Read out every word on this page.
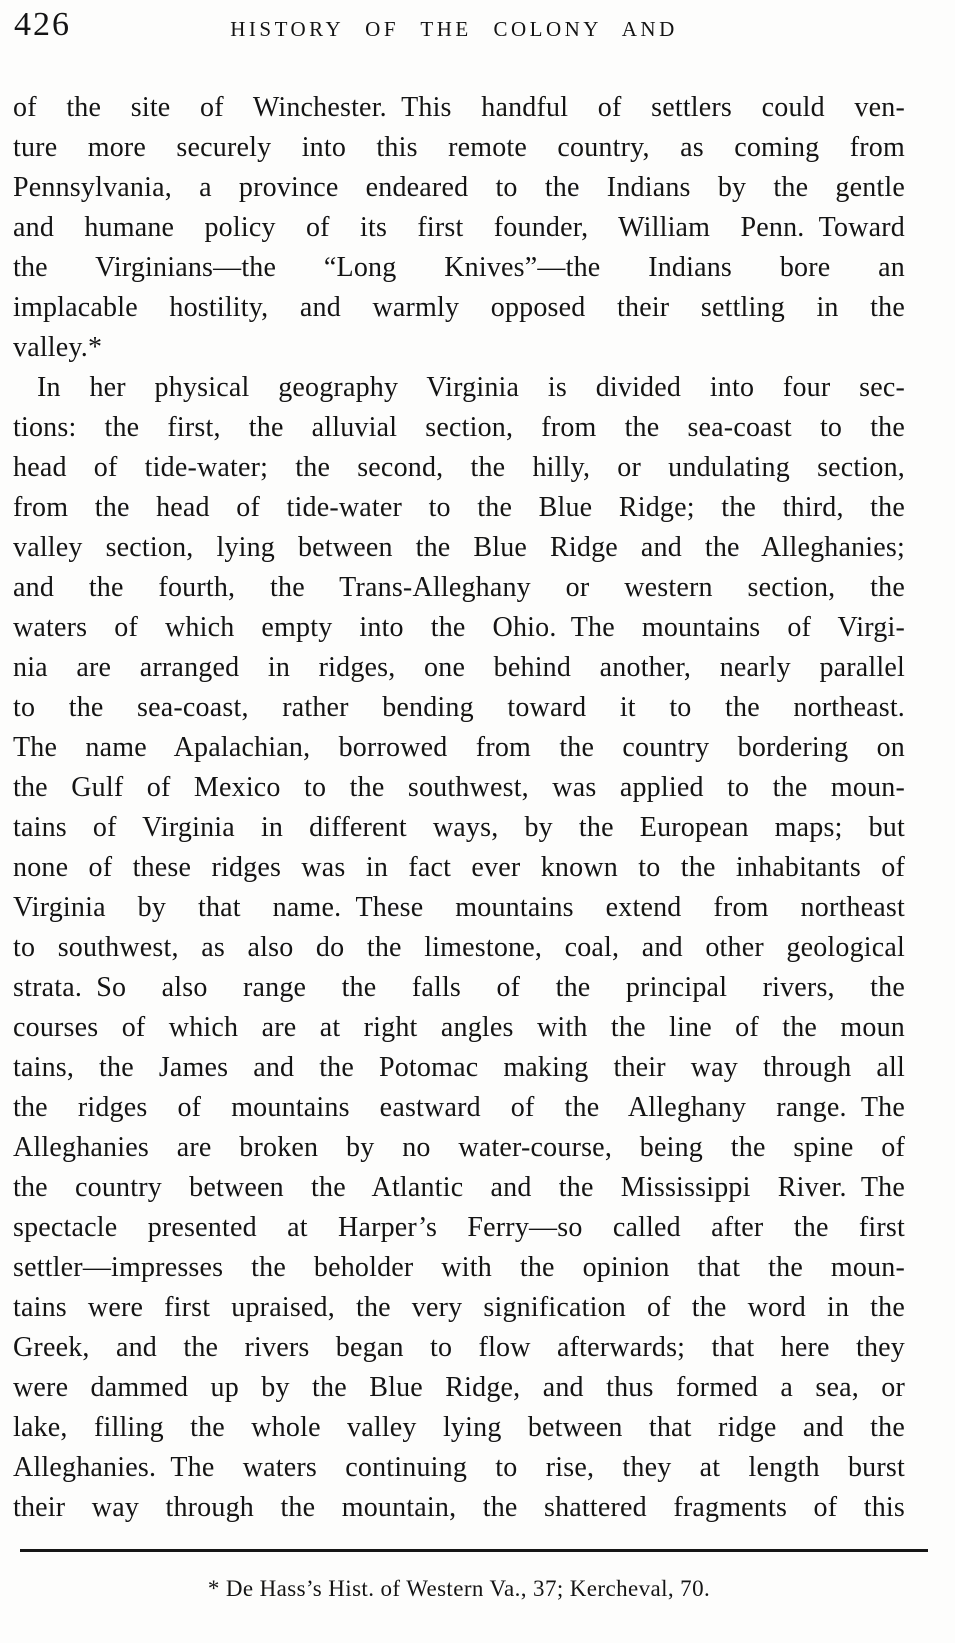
426	HISTORY OF THE COLONY AND
of the site of Winchester. This handful of settlers could ven-
ture more securely into this remote country, as coming from
Pennsylvania, a province endeared to the Indians by the gentle
and humane policy of its first founder, William Penn. Toward
the Virginians—the “Long Knives”—the Indians bore an
implacable hostility, and warmly opposed their settling in the
valley.*
In her physical geography Virginia is divided into four sec-
tions: the first, the alluvial section, from the sea-coast to the
head of tide-water; the second, the hilly, or undulating section,
from the head of tide-water to the Blue Ridge; the third, the
valley section, lying between the Blue Ridge and the Alleghanies;
and the fourth, the Trans-Alleghany or western section, the
waters of which empty into the Ohio. The mountains of Virgi-
nia are arranged in ridges, one behind another, nearly parallel
to the sea-coast, rather bending toward it to the northeast.
The name Apalachian, borrowed from the country bordering on
the Gulf of Mexico to the southwest, was applied to the moun-
tains of Virginia in different ways, by the European maps; but
none of these ridges was in fact ever known to the inhabitants of
Virginia by that name. These mountains extend from northeast
to southwest, as also do the limestone, coal, and other geological
strata. So also range the falls of the principal rivers, the
courses of which are at right angles with the line of the moun
tains, the James and the Potomac making their way through all
the ridges of mountains eastward of the Alleghany range. The
Alleghanies are broken by no water-course, being the spine of
the country between the Atlantic and the Mississippi River. The
spectacle presented at Harper’s Ferry—so called after the first
settler—impresses the beholder with the opinion that the moun-
tains were first upraised, the very signification of the word in the
Greek, and the rivers began to flow afterwards; that here they
were dammed up by the Blue Ridge, and thus formed a sea, or
lake, filling the whole valley lying between that ridge and the
Alleghanies. The waters continuing to rise, they at length burst
their way through the mountain, the shattered fragments of this
* De Hass’s Hist. of Western Va., 37; Kercheval, 70.
